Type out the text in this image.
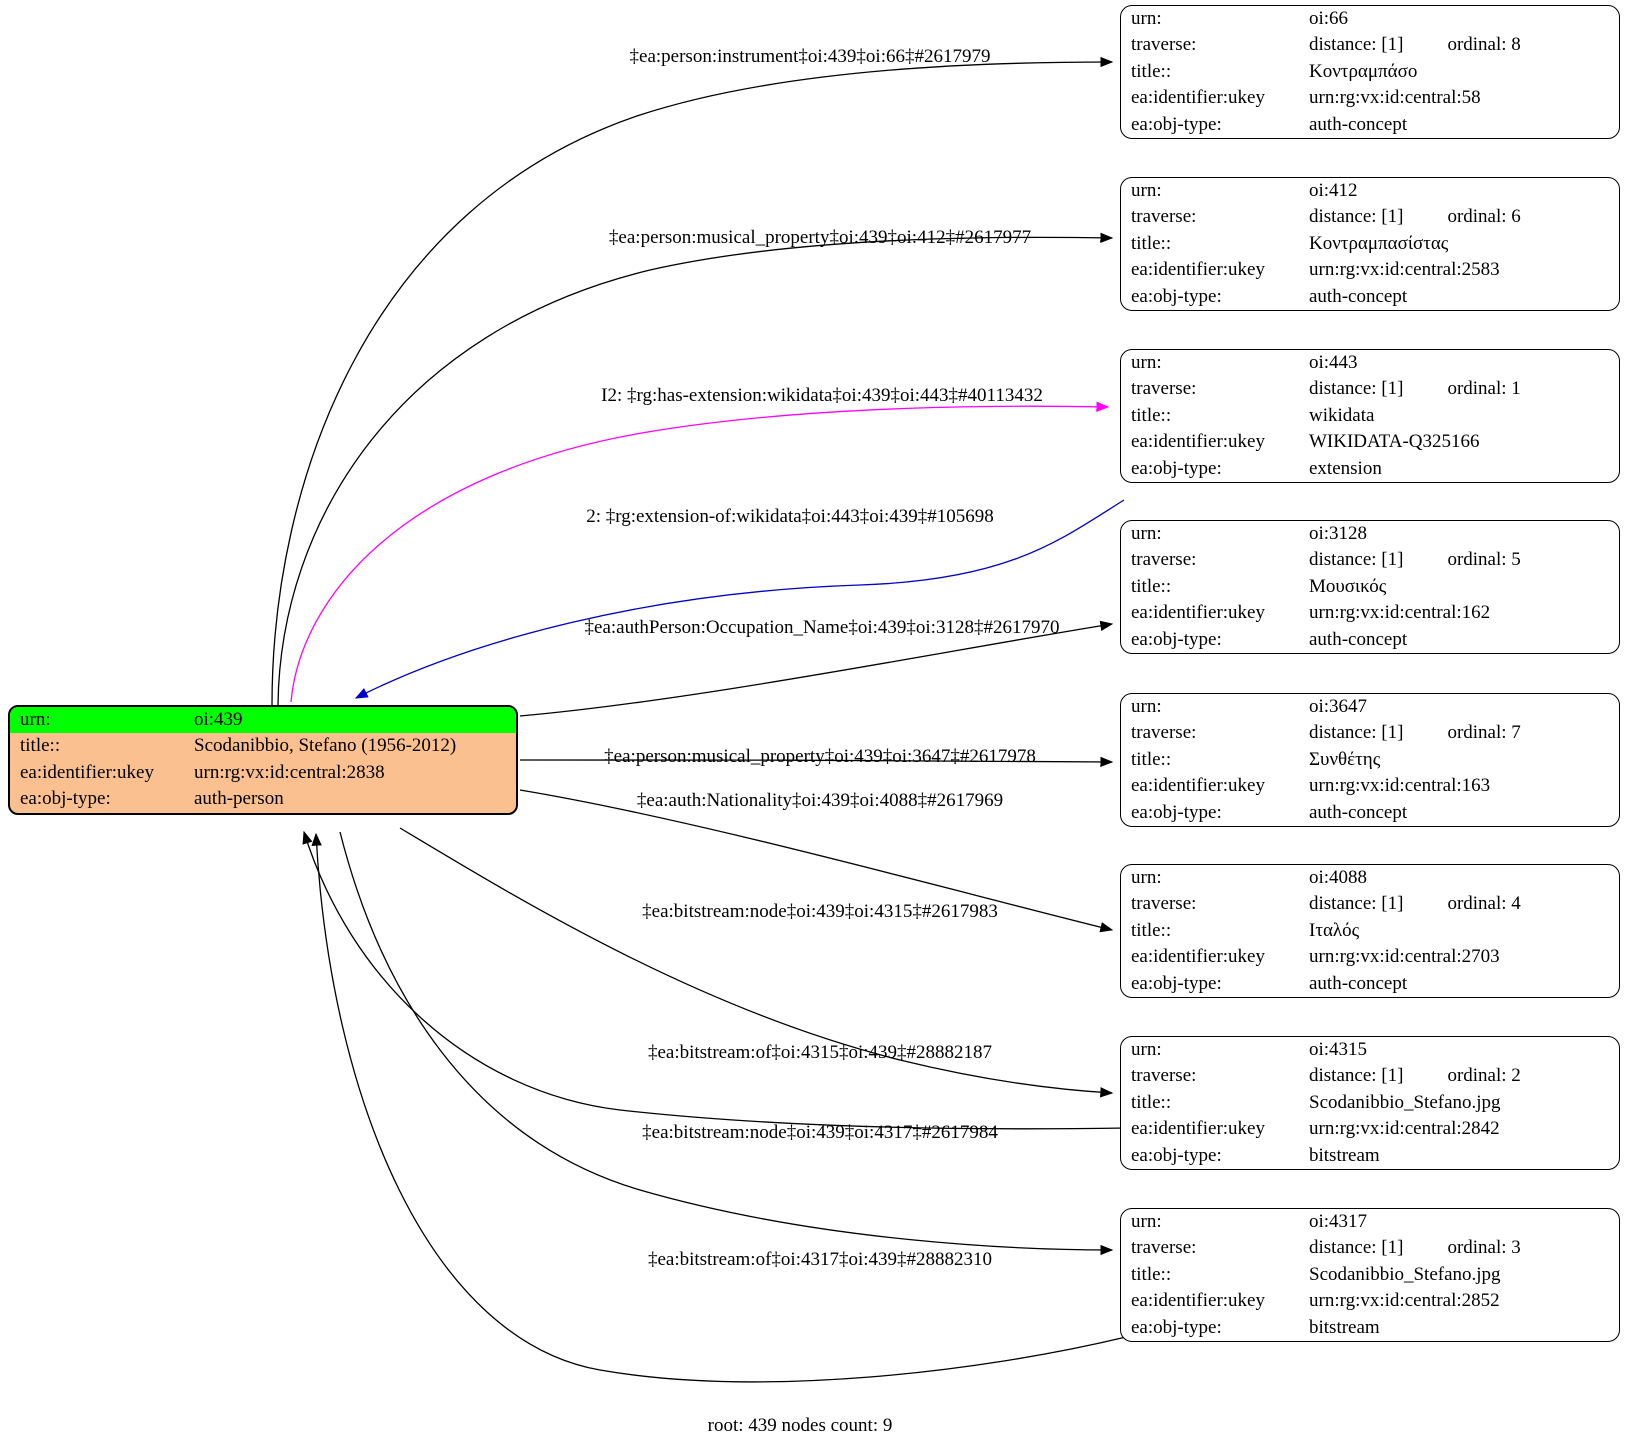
urn:	oi:439
title::	Scodanibbio, Stefano (1956-2012)
ea:identifier:ukey	urn:rg:vx:id:central:2838
ea:obj-type:	auth-person
urn:	oi:66
traverse:	distance: [1] ordinal: 8
title::	Κοντραμπάσο
ea:identifier:ukey	urn:rg:vx:id:central:58
ea:obj-type:	auth-concept
urn:	oi:412
traverse:	distance: [1] ordinal: 6
title::	Κοντραμπασίστας
ea:identifier:ukey	urn:rg:vx:id:central:2583
ea:obj-type:	auth-concept
urn:	oi:443
traverse:	distance: [1] ordinal: 1
title::	wikidata
ea:identifier:ukey	WIKIDATA-Q325166
ea:obj-type:	extension
urn:	oi:3128
traverse:	distance: [1] ordinal: 5
title::	Μουσικός
ea:identifier:ukey	urn:rg:vx:id:central:162
ea:obj-type:	auth-concept
urn:	oi:3647
traverse:	distance: [1] ordinal: 7
title::	Συνθέτης
ea:identifier:ukey	urn:rg:vx:id:central:163
ea:obj-type:	auth-concept
urn:	oi:4088
traverse:	distance: [1] ordinal: 4
title::	Ιταλός
ea:identifier:ukey	urn:rg:vx:id:central:2703
ea:obj-type:	auth-concept
urn:	oi:4315
traverse:	distance: [1] ordinal: 2
title::	Scodanibbio_Stefano.jpg
ea:identifier:ukey	urn:rg:vx:id:central:2842
ea:obj-type:	bitstream
urn:	oi:4317
traverse:	distance: [1] ordinal: 3
title::	Scodanibbio_Stefano.jpg
ea:identifier:ukey	urn:rg:vx:id:central:2852
ea:obj-type:	bitstream
‡ea:person:instrument‡oi:439‡oi:66‡#2617979
‡ea:person:musical_property‡oi:439‡oi:412‡#2617977
I2: ‡rg:has-extension:wikidata‡oi:439‡oi:443‡#40113432
2: ‡rg:extension-of:wikidata‡oi:443‡oi:439‡#105698
‡ea:authPerson:Occupation_Name‡oi:439‡oi:3128‡#2617970
‡ea:person:musical_property‡oi:439‡oi:3647‡#2617978
‡ea:auth:Nationality‡oi:439‡oi:4088‡#2617969
‡ea:bitstream:node‡oi:439‡oi:4315‡#2617983
‡ea:bitstream:of‡oi:4315‡oi:439‡#28882187
‡ea:bitstream:node‡oi:439‡oi:4317‡#2617984
‡ea:bitstream:of‡oi:4317‡oi:439‡#28882310
root: 439 nodes count: 9
